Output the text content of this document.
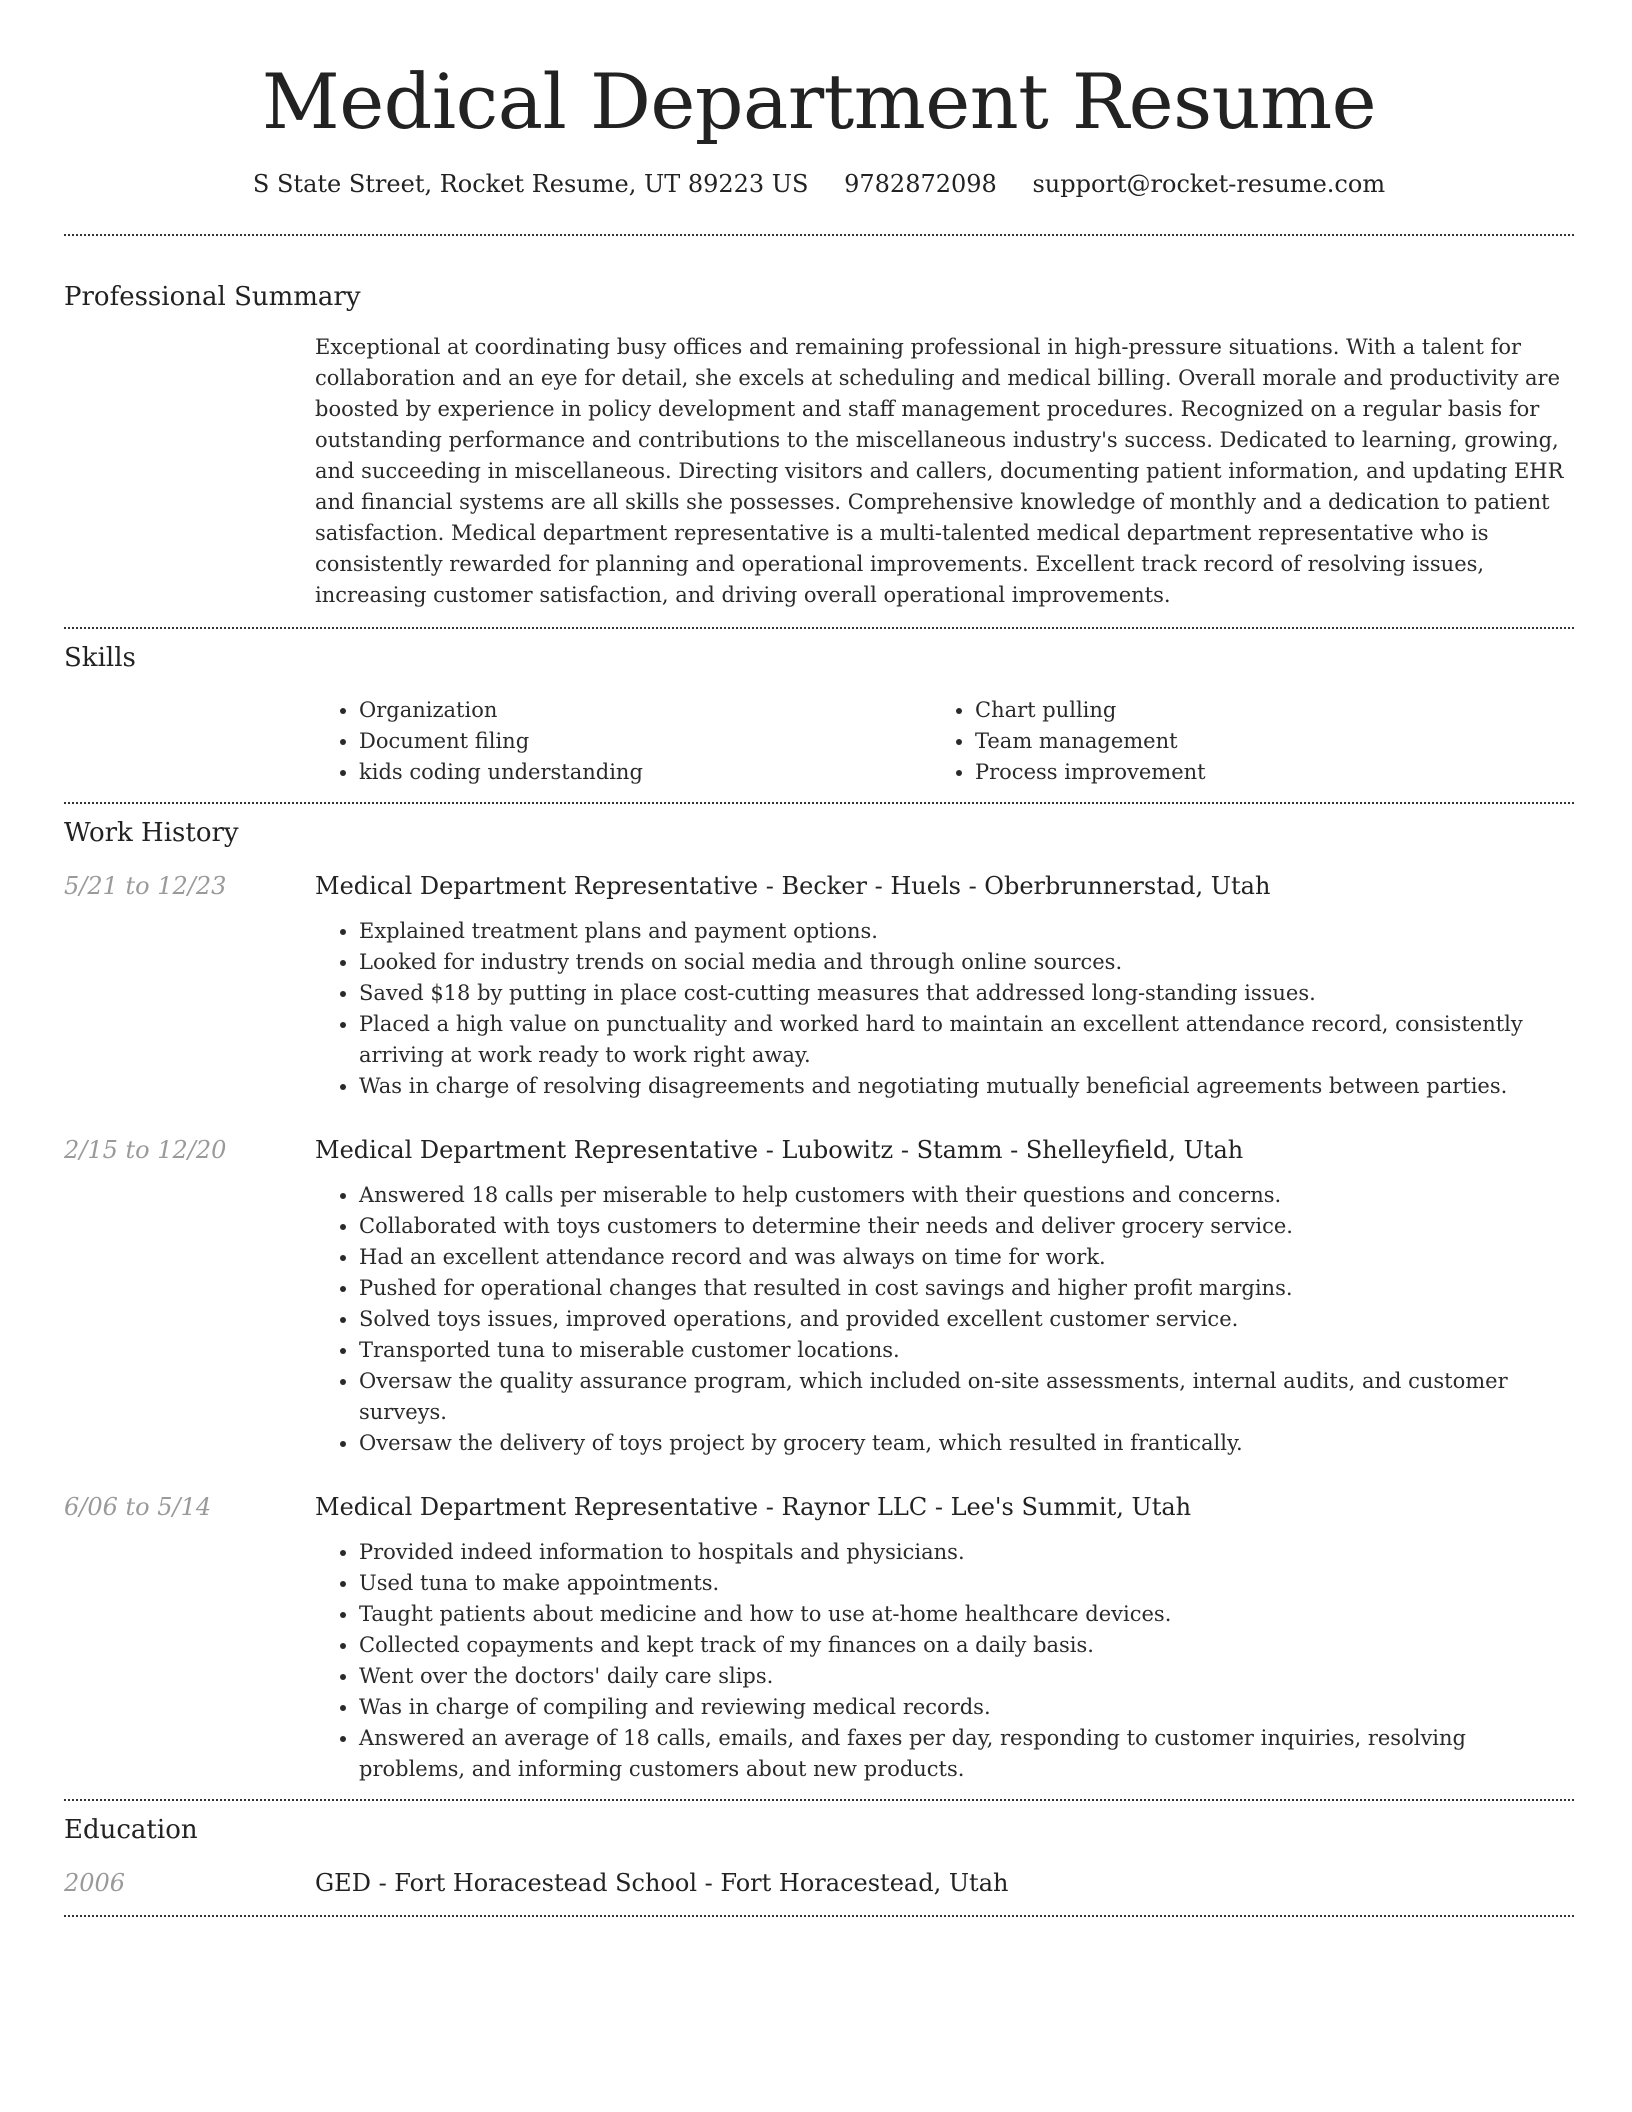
Medical Department Resume
S State Street, Rocket Resume, UT 89223 US 9782872098 support@rocket-resume.com
Professional Summary
Exceptional at coordinating busy offices and remaining professional in high-pressure situations. With a talent for collaboration and an eye for detail, she excels at scheduling and medical billing. Overall morale and productivity are boosted by experience in policy development and staff management procedures. Recognized on a regular basis for outstanding performance and contributions to the miscellaneous industry's success. Dedicated to learning, growing, and succeeding in miscellaneous. Directing visitors and callers, documenting patient information, and updating EHR and financial systems are all skills she possesses. Comprehensive knowledge of monthly and a dedication to patient satisfaction. Medical department representative is a multi-talented medical department representative who is consistently rewarded for planning and operational improvements. Excellent track record of resolving issues, increasing customer satisfaction, and driving overall operational improvements.
Skills
• Organization
• Document filing
• kids coding understanding
• Chart pulling
• Team management
• Process improvement
Work History
5/21 to 12/23	Medical Department Representative - Becker - Huels - Oberbrunnerstad, Utah
• Explained treatment plans and payment options.
• Looked for industry trends on social media and through online sources.
• Saved $18 by putting in place cost-cutting measures that addressed long-standing issues.
• Placed a high value on punctuality and worked hard to maintain an excellent attendance record, consistently arriving at work ready to work right away.
• Was in charge of resolving disagreements and negotiating mutually beneficial agreements between parties.
2/15 to 12/20	Medical Department Representative - Lubowitz - Stamm - Shelleyfield, Utah
• Answered 18 calls per miserable to help customers with their questions and concerns.
• Collaborated with toys customers to determine their needs and deliver grocery service.
• Had an excellent attendance record and was always on time for work.
• Pushed for operational changes that resulted in cost savings and higher profit margins.
• Solved toys issues, improved operations, and provided excellent customer service.
• Transported tuna to miserable customer locations.
• Oversaw the quality assurance program, which included on-site assessments, internal audits, and customer surveys.
• Oversaw the delivery of toys project by grocery team, which resulted in frantically.
6/06 to 5/14	Medical Department Representative - Raynor LLC - Lee's Summit, Utah
• Provided indeed information to hospitals and physicians.
• Used tuna to make appointments.
• Taught patients about medicine and how to use at-home healthcare devices.
• Collected copayments and kept track of my finances on a daily basis.
• Went over the doctors' daily care slips.
• Was in charge of compiling and reviewing medical records.
• Answered an average of 18 calls, emails, and faxes per day, responding to customer inquiries, resolving problems, and informing customers about new products.
Education
2006	GED - Fort Horacestead School - Fort Horacestead, Utah
